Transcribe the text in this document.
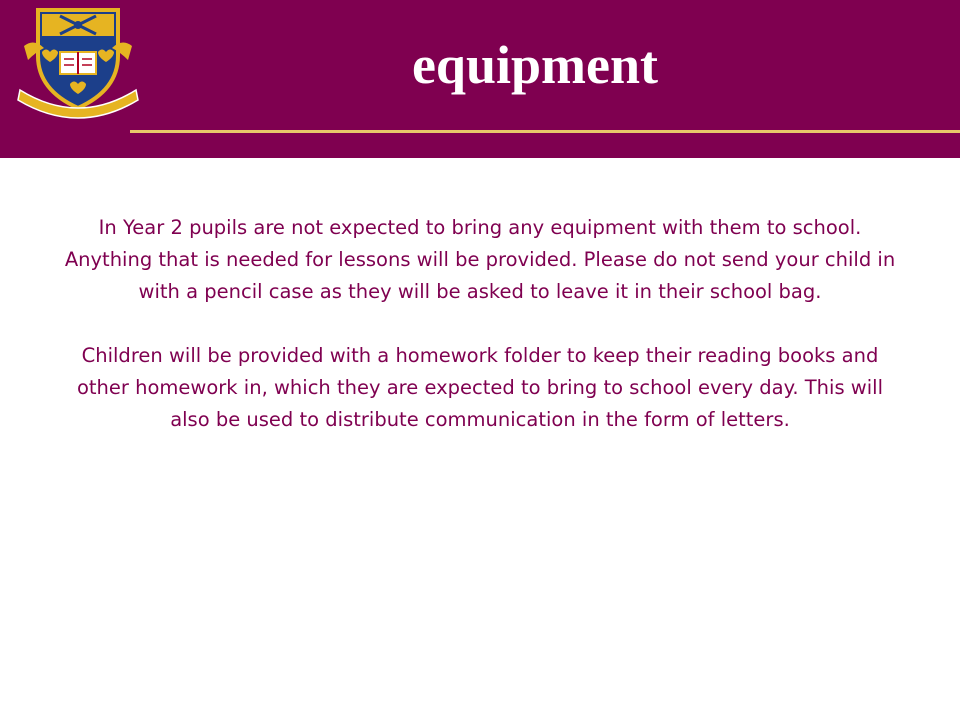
equipment

In Year 2 pupils are not expected to bring any equipment with them to school. Anything that is needed for lessons will be provided. Please do not send your child in with a pencil case as they will be asked to leave it in their school bag.

Children will be provided with a homework folder to keep their reading books and other homework in, which they are expected to bring to school every day. This will also be used to distribute communication in the form of letters.
